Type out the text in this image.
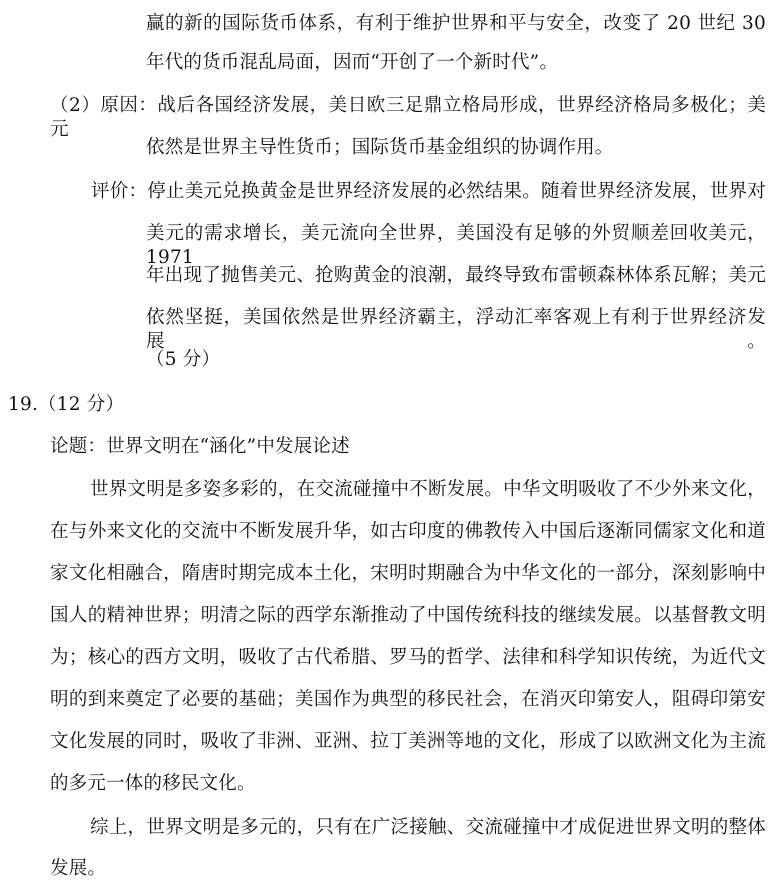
赢的新的国际货币体系，有利于维护世界和平与安全，改变了 20 世纪 30
年代的货币混乱局面，因而“开创了一个新时代”。
（2）原因：战后各国经济发展，美日欧三足鼎立格局形成，世界经济格局多极化；美元
依然是世界主导性货币；国际货币基金组织的协调作用。
评价：停止美元兑换黄金是世界经济发展的必然结果。随着世界经济发展，世界对
美元的需求增长，美元流向全世界，美国没有足够的外贸顺差回收美元，1971
年出现了抛售美元、抢购黄金的浪潮，最终导致布雷顿森林体系瓦解；美元
依然坚挺，美国依然是世界经济霸主，浮动汇率客观上有利于世界经济发展。
（5 分）
19.（12 分）
论题：世界文明在“涵化”中发展论述
世界文明是多姿多彩的，在交流碰撞中不断发展。中华文明吸收了不少外来文化，
在与外来文化的交流中不断发展升华，如古印度的佛教传入中国后逐渐同儒家文化和道
家文化相融合，隋唐时期完成本土化，宋明时期融合为中华文化的一部分，深刻影响中
国人的精神世界；明清之际的西学东渐推动了中国传统科技的继续发展。以基督教文明
为；核心的西方文明，吸收了古代希腊、罗马的哲学、法律和科学知识传统，为近代文
明的到来奠定了必要的基础；美国作为典型的移民社会，在消灭印第安人，阻碍印第安
文化发展的同时，吸收了非洲、亚洲、拉丁美洲等地的文化，形成了以欧洲文化为主流
的多元一体的移民文化。
综上，世界文明是多元的，只有在广泛接触、交流碰撞中才成促进世界文明的整体
发展。
